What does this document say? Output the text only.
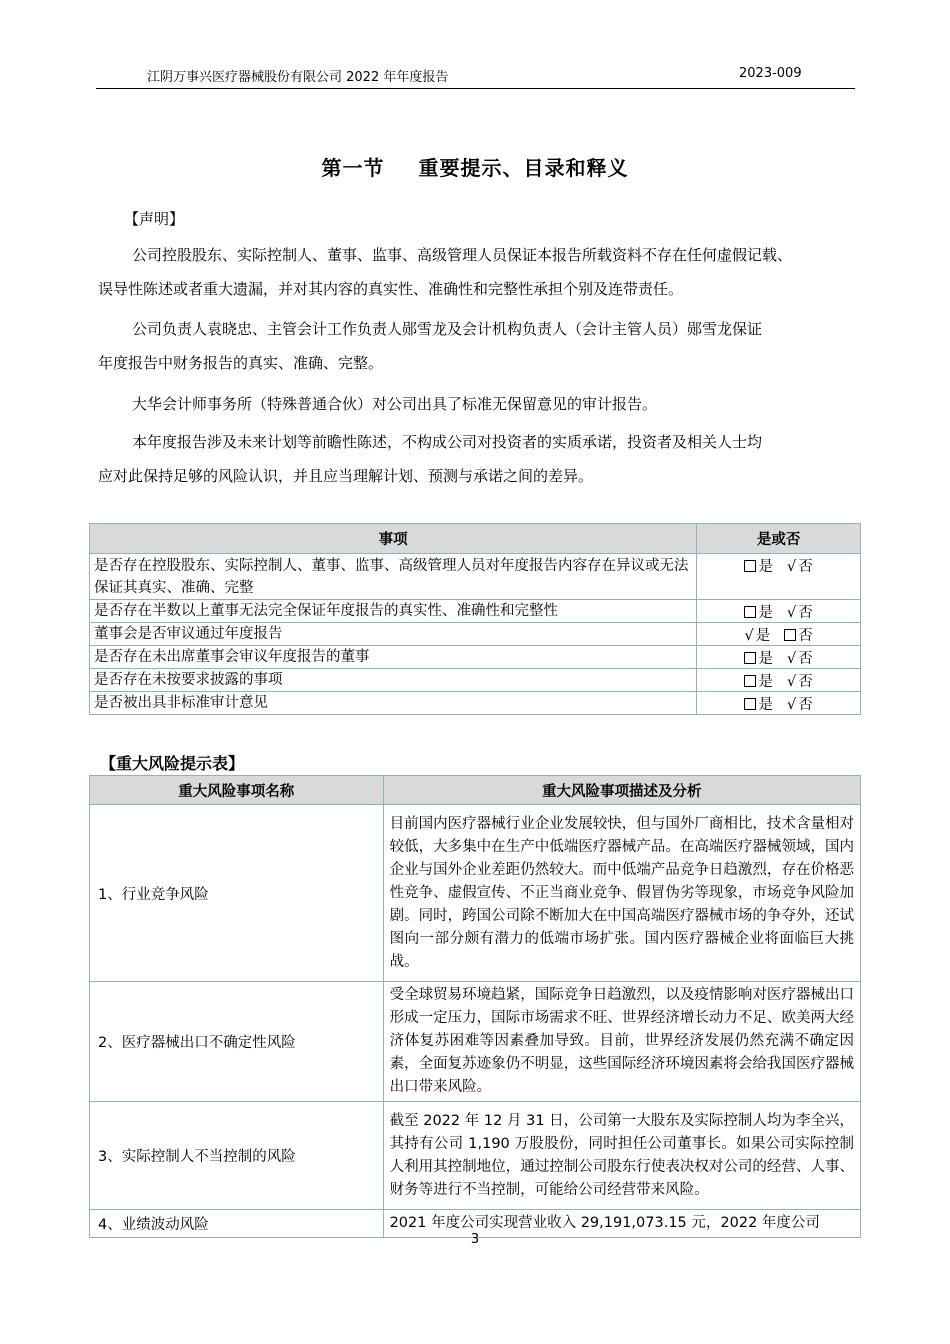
江阴万事兴医疗器械股份有限公司 2022 年年度报告	2023-009
第一节 重要提示、目录和释义
【声明】
公司控股股东、实际控制人、董事、监事、高级管理人员保证本报告所载资料不存在任何虚假记载、
误导性陈述或者重大遗漏，并对其内容的真实性、准确性和完整性承担个别及连带责任。
公司负责人袁晓忠、主管会计工作负责人郧雪龙及会计机构负责人（会计主管人员）郧雪龙保证
年度报告中财务报告的真实、准确、完整。
大华会计师事务所（特殊普通合伙）对公司出具了标准无保留意见的审计报告。
本年度报告涉及未来计划等前瞻性陈述，不构成公司对投资者的实质承诺，投资者及相关人士均
应对此保持足够的风险认识，并且应当理解计划、预测与承诺之间的差异。
事项	是或否
是否存在控股股东、实际控制人、董事、监事、高级管理人员对年度报告内容存在异议或无法保证其真实、准确、完整	是 √ 否
是否存在半数以上董事无法完全保证年度报告的真实性、准确性和完整性	是 √ 否
董事会是否审议通过年度报告	√ 是 否
是否存在未出席董事会审议年度报告的董事	是 √ 否
是否存在未按要求披露的事项	是 √ 否
是否被出具非标准审计意见	是 √ 否
【重大风险提示表】
重大风险事项名称	重大风险事项描述及分析
1、行业竞争风险	目前国内医疗器械行业企业发展较快，但与国外厂商相比，技术含量相对较低，大多集中在生产中低端医疗器械产品。在高端医疗器械领域，国内企业与国外企业差距仍然较大。而中低端产品竞争日趋激烈，存在价格恶性竞争、虚假宣传、不正当商业竞争、假冒伪劣等现象，市场竞争风险加剧。同时，跨国公司除不断加大在中国高端医疗器械市场的争夺外，还试图向一部分颇有潜力的低端市场扩张。国内医疗器械企业将面临巨大挑战。
2、医疗器械出口不确定性风险	受全球贸易环境趋紧，国际竞争日趋激烈，以及疫情影响对医疗器械出口形成一定压力，国际市场需求不旺、世界经济增长动力不足、欧美两大经济体复苏困难等因素叠加导致。目前，世界经济发展仍然充满不确定因素，全面复苏迹象仍不明显，这些国际经济环境因素将会给我国医疗器械出口带来风险。
3、实际控制人不当控制的风险	截至 2022 年 12 月 31 日，公司第一大股东及实际控制人均为李全兴，其持有公司 1,190 万股股份，同时担任公司董事长。如果公司实际控制人利用其控制地位，通过控制公司股东行使表决权对公司的经营、人事、财务等进行不当控制，可能给公司经营带来风险。
4、业绩波动风险	2021 年度公司实现营业收入 29,191,073.15 元，2022 年度公司
3
